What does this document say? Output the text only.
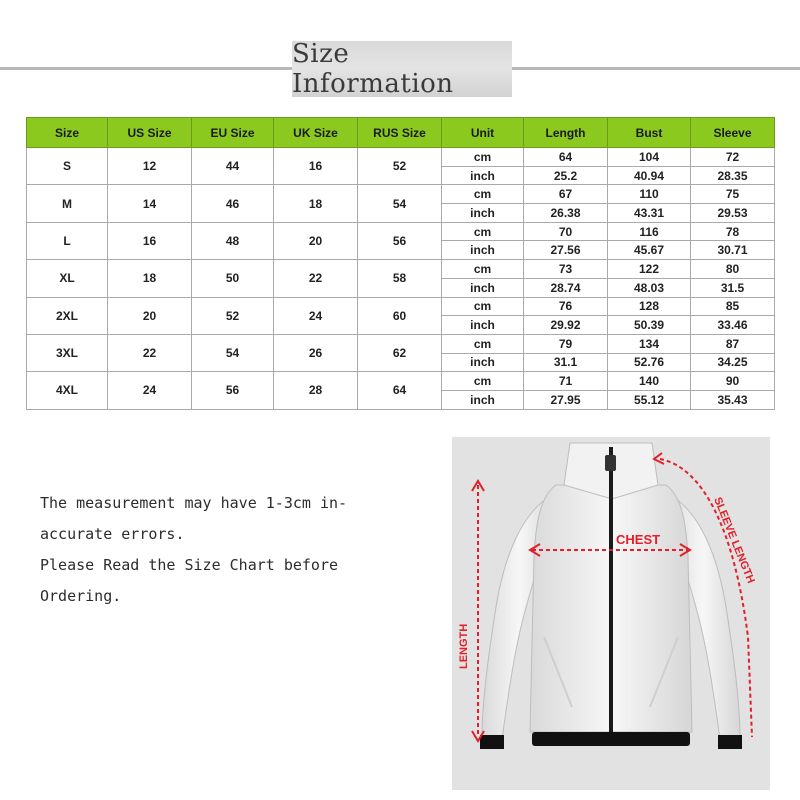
Size Information
Size	US Size	EU Size	UK Size	RUS Size	Unit	Length	Bust	Sleeve
S	12	44	16	52	cm	64	104	72
					inch	25.2	40.94	28.35
M	14	46	18	54	cm	67	110	75
					inch	26.38	43.31	29.53
L	16	48	20	56	cm	70	116	78
					inch	27.56	45.67	30.71
XL	18	50	22	58	cm	73	122	80
					inch	28.74	48.03	31.5
2XL	20	52	24	60	cm	76	128	85
					inch	29.92	50.39	33.46
3XL	22	54	26	62	cm	79	134	87
					inch	31.1	52.76	34.25
4XL	24	56	28	64	cm	71	140	90
					inch	27.95	55.12	35.43
The measurement may have 1-3cm in-
accurate errors.
Please Read the Size Chart before
Ordering.
LENGTH
CHEST	SLEEVE LENGTH
